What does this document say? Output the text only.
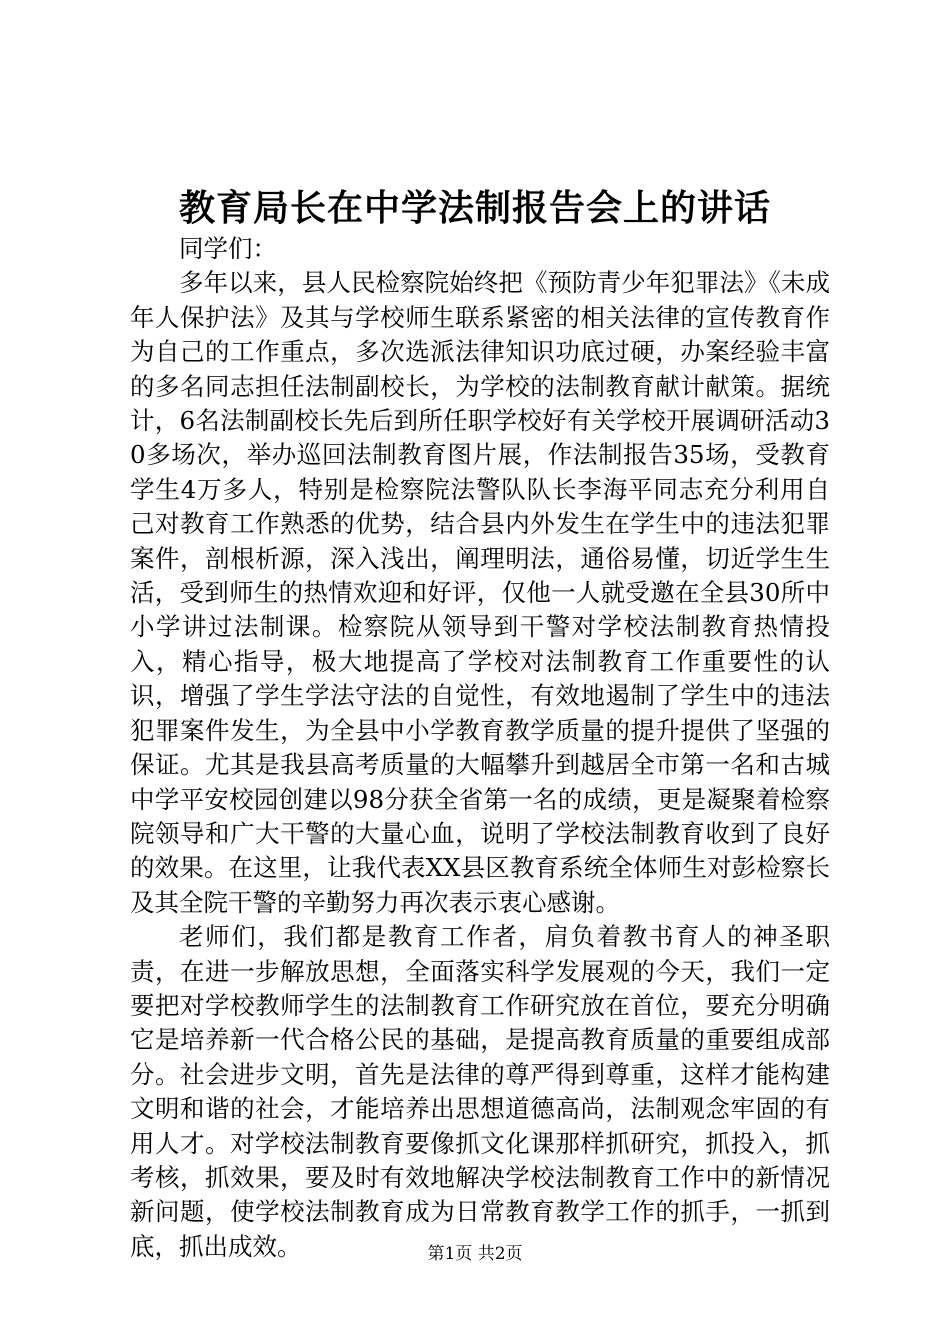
教育局长在中学法制报告会上的讲话

同学们：

多年以来，县人民检察院始终把《预防青少年犯罪法》《未成年人保护法》及其与学校师生联系紧密的相关法律的宣传教育作为自己的工作重点，多次选派法律知识功底过硬，办案经验丰富的多名同志担任法制副校长，为学校的法制教育献计献策。据统计，6名法制副校长先后到所任职学校好有关学校开展调研活动30多场次，举办巡回法制教育图片展，作法制报告35场，受教育学生4万多人，特别是检察院法警队队长李海平同志充分利用自己对教育工作熟悉的优势，结合县内外发生在学生中的违法犯罪案件，剖根析源，深入浅出，阐理明法，通俗易懂，切近学生生活，受到师生的热情欢迎和好评，仅他一人就受邀在全县30所中小学讲过法制课。检察院从领导到干警对学校法制教育热情投入，精心指导，极大地提高了学校对法制教育工作重要性的认识，增强了学生学法守法的自觉性，有效地遏制了学生中的违法犯罪案件发生，为全县中小学教育教学质量的提升提供了坚强的保证。尤其是我县高考质量的大幅攀升到越居全市第一名和古城中学平安校园创建以98分获全省第一名的成绩，更是凝聚着检察院领导和广大干警的大量心血，说明了学校法制教育收到了良好的效果。在这里，让我代表XX县区教育系统全体师生对彭检察长及其全院干警的辛勤努力再次表示衷心感谢。

老师们，我们都是教育工作者，肩负着教书育人的神圣职责，在进一步解放思想，全面落实科学发展观的今天，我们一定要把对学校教师学生的法制教育工作研究放在首位，要充分明确它是培养新一代合格公民的基础，是提高教育质量的重要组成部分。社会进步文明，首先是法律的尊严得到尊重，这样才能构建文明和谐的社会，才能培养出思想道德高尚，法制观念牢固的有用人才。对学校法制教育要像抓文化课那样抓研究，抓投入，抓考核，抓效果，要及时有效地解决学校法制教育工作中的新情况新问题，使学校法制教育成为日常教育教学工作的抓手，一抓到底，抓出成效。	第1页 共2页
